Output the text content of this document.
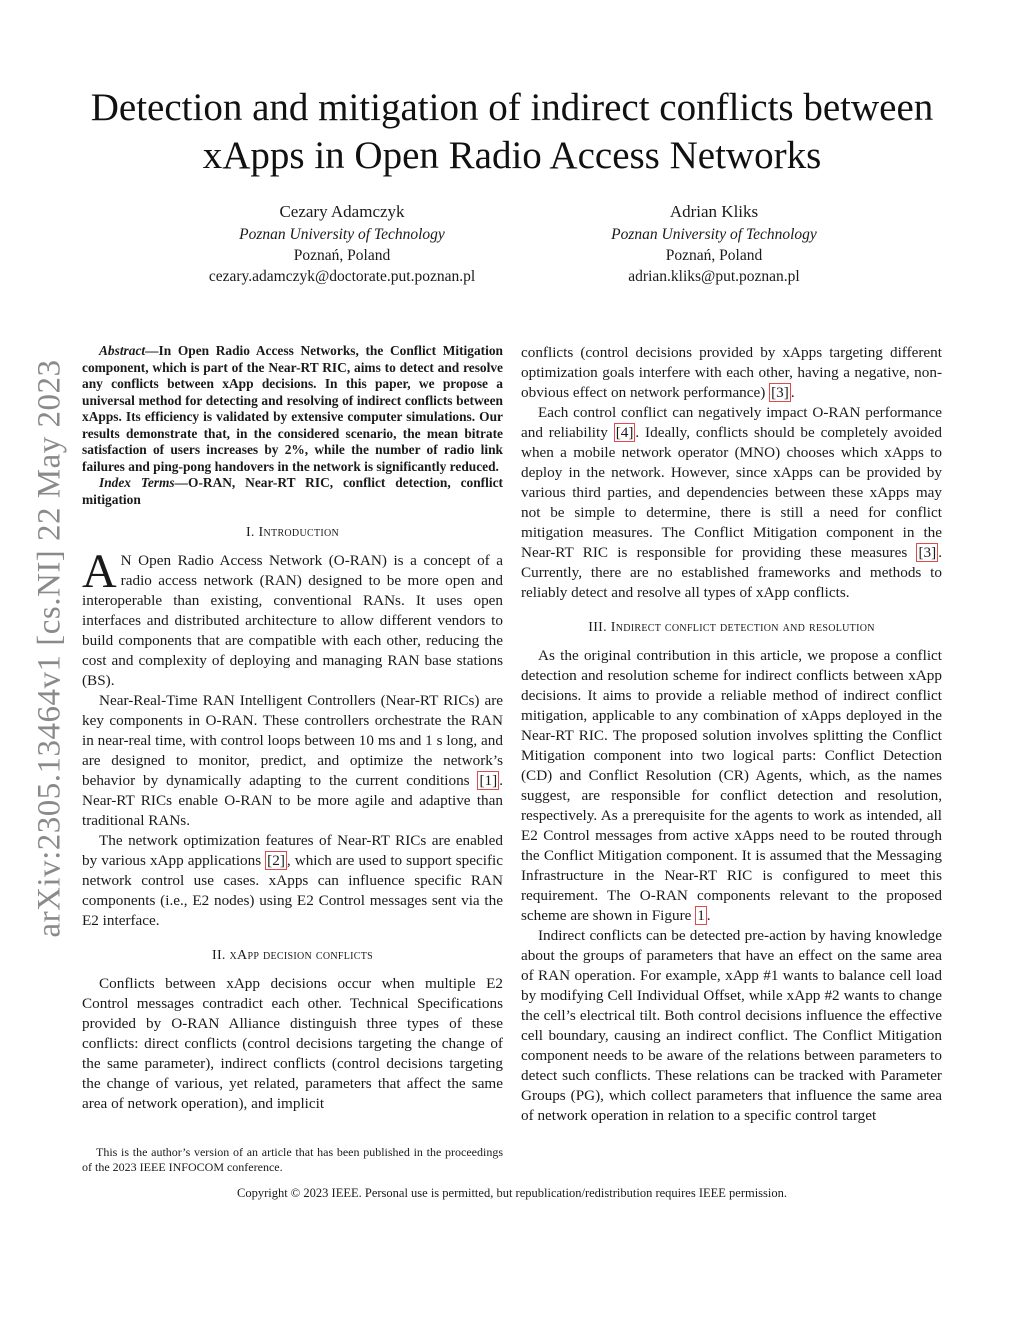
arXiv:2305.13464v1 [cs.NI] 22 May 2023
Detection and mitigation of indirect conflicts between xApps in Open Radio Access Networks
Cezary Adamczyk
Poznan University of Technology
Poznań, Poland
cezary.adamczyk@doctorate.put.poznan.pl
Adrian Kliks
Poznan University of Technology
Poznań, Poland
adrian.kliks@put.poznan.pl

Abstract—In Open Radio Access Networks, the Conflict Mitigation component, which is part of the Near-RT RIC, aims to detect and resolve any conflicts between xApp decisions. In this paper, we propose a universal method for detecting and resolving of indirect conflicts between xApps. Its efficiency is validated by extensive computer simulations. Our results demonstrate that, in the considered scenario, the mean bitrate satisfaction of users increases by 2%, while the number of radio link failures and ping-pong handovers in the network is significantly reduced.

Index Terms—O-RAN, Near-RT RIC, conflict detection, conflict mitigation

I. Introduction

A N Open Radio Access Network (O-RAN) is a concept of a radio access network (RAN) designed to be more open and interoperable than existing, conventional RANs. It uses open interfaces and distributed architecture to allow different vendors to build components that are compatible with each other, reducing the cost and complexity of deploying and managing RAN base stations (BS).

Near-Real-Time RAN Intelligent Controllers (Near-RT RICs) are key components in O-RAN. These controllers orchestrate the RAN in near-real time, with control loops between 10 ms and 1 s long, and are designed to monitor, predict, and optimize the network’s behavior by dynamically adapting to the current conditions [1] . Near-RT RICs enable O-RAN to be more agile and adaptive than traditional RANs.

The network optimization features of Near-RT RICs are enabled by various xApp applications [2] , which are used to support specific network control use cases. xApps can influence specific RAN components (i.e., E2 nodes) using E2 Control messages sent via the E2 interface.

II. xApp decision conflicts

Conflicts between xApp decisions occur when multiple E2 Control messages contradict each other. Technical Specifications provided by O-RAN Alliance distinguish three types of these conflicts: direct conflicts (control decisions targeting the change of the same parameter), indirect conflicts (control decisions targeting the change of various, yet related, parameters that affect the same area of network operation), and implicit

This is the author’s version of an article that has been published in the proceedings of the 2023 IEEE INFOCOM conference.

conflicts (control decisions provided by xApps targeting different optimization goals interfere with each other, having a negative, non-obvious effect on network performance) [3] .

Each control conflict can negatively impact O-RAN performance and reliability [4] . Ideally, conflicts should be completely avoided when a mobile network operator (MNO) chooses which xApps to deploy in the network. However, since xApps can be provided by various third parties, and dependencies between these xApps may not be simple to determine, there is still a need for conflict mitigation measures. The Conflict Mitigation component in the Near-RT RIC is responsible for providing these measures [3] . Currently, there are no established frameworks and methods to reliably detect and resolve all types of xApp conflicts.

III. Indirect conflict detection and resolution

As the original contribution in this article, we propose a conflict detection and resolution scheme for indirect conflicts between xApp decisions. It aims to provide a reliable method of indirect conflict mitigation, applicable to any combination of xApps deployed in the Near-RT RIC. The proposed solution involves splitting the Conflict Mitigation component into two logical parts: Conflict Detection (CD) and Conflict Resolution (CR) Agents, which, as the names suggest, are responsible for conflict detection and resolution, respectively. As a prerequisite for the agents to work as intended, all E2 Control messages from active xApps need to be routed through the Conflict Mitigation component. It is assumed that the Messaging Infrastructure in the Near-RT RIC is configured to meet this requirement. The O-RAN components relevant to the proposed scheme are shown in Figure 1 .

Indirect conflicts can be detected pre-action by having knowledge about the groups of parameters that have an effect on the same area of RAN operation. For example, xApp #1 wants to balance cell load by modifying Cell Individual Offset, while xApp #2 wants to change the cell’s electrical tilt. Both control decisions influence the effective cell boundary, causing an indirect conflict. The Conflict Mitigation component needs to be aware of the relations between parameters to detect such conflicts. These relations can be tracked with Parameter Groups (PG), which collect parameters that influence the same area of network operation in relation to a specific control target

Copyright © 2023 IEEE. Personal use is permitted, but republication/redistribution requires IEEE permission.
